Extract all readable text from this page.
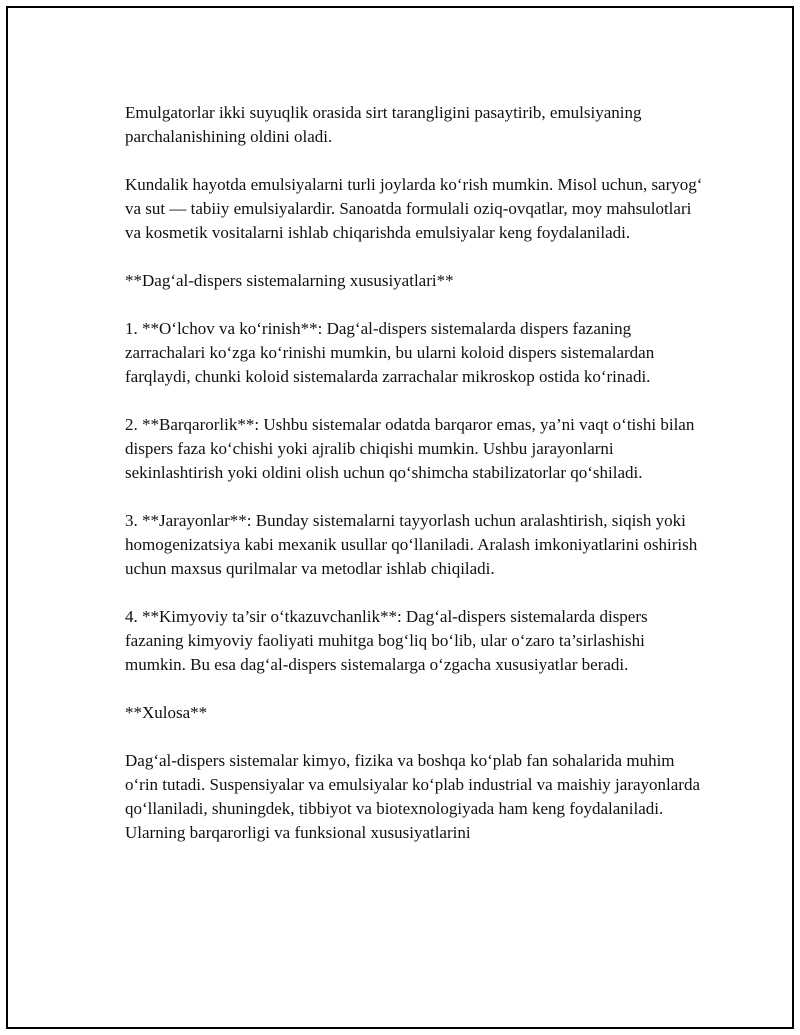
Emulgatorlar ikki suyuqlik orasida sirt tarangligini pasaytirib, emulsiyaning parchalanishining oldini oladi.

Kundalik hayotda emulsiyalarni turli joylarda ko‘rish mumkin. Misol uchun, saryog‘ va sut — tabiiy emulsiyalardir. Sanoatda formulali oziq-ovqatlar, moy mahsulotlari va kosmetik vositalarni ishlab chiqarishda emulsiyalar keng foydalaniladi.

**Dag‘al-dispers sistemalarning xususiyatlari**

1. **O‘lchov va ko‘rinish**: Dag‘al-dispers sistemalarda dispers fazaning zarrachalari ko‘zga ko‘rinishi mumkin, bu ularni koloid dispers sistemalardan farqlaydi, chunki koloid sistemalarda zarrachalar mikroskop ostida ko‘rinadi.

2. **Barqarorlik**: Ushbu sistemalar odatda barqaror emas, ya’ni vaqt o‘tishi bilan dispers faza ko‘chishi yoki ajralib chiqishi mumkin. Ushbu jarayonlarni sekinlashtirish yoki oldini olish uchun qo‘shimcha stabilizatorlar qo‘shiladi.

3. **Jarayonlar**: Bunday sistemalarni tayyorlash uchun aralashtirish, siqish yoki homogenizatsiya kabi mexanik usullar qo‘llaniladi. Aralash imkoniyatlarini oshirish uchun maxsus qurilmalar va metodlar ishlab chiqiladi.

4. **Kimyoviy ta’sir o‘tkazuvchanlik**: Dag‘al-dispers sistemalarda dispers fazaning kimyoviy faoliyati muhitga bog‘liq bo‘lib, ular o‘zaro ta’sirlashishi mumkin. Bu esa dag‘al-dispers sistemalarga o‘zgacha xususiyatlar beradi.

**Xulosa**

Dag‘al-dispers sistemalar kimyo, fizika va boshqa ko‘plab fan sohalarida muhim o‘rin tutadi. Suspensiyalar va emulsiyalar ko‘plab industrial va maishiy jarayonlarda qo‘llaniladi, shuningdek, tibbiyot va biotexnologiyada ham keng foydalaniladi. Ularning barqarorligi va funksional xususiyatlarini
